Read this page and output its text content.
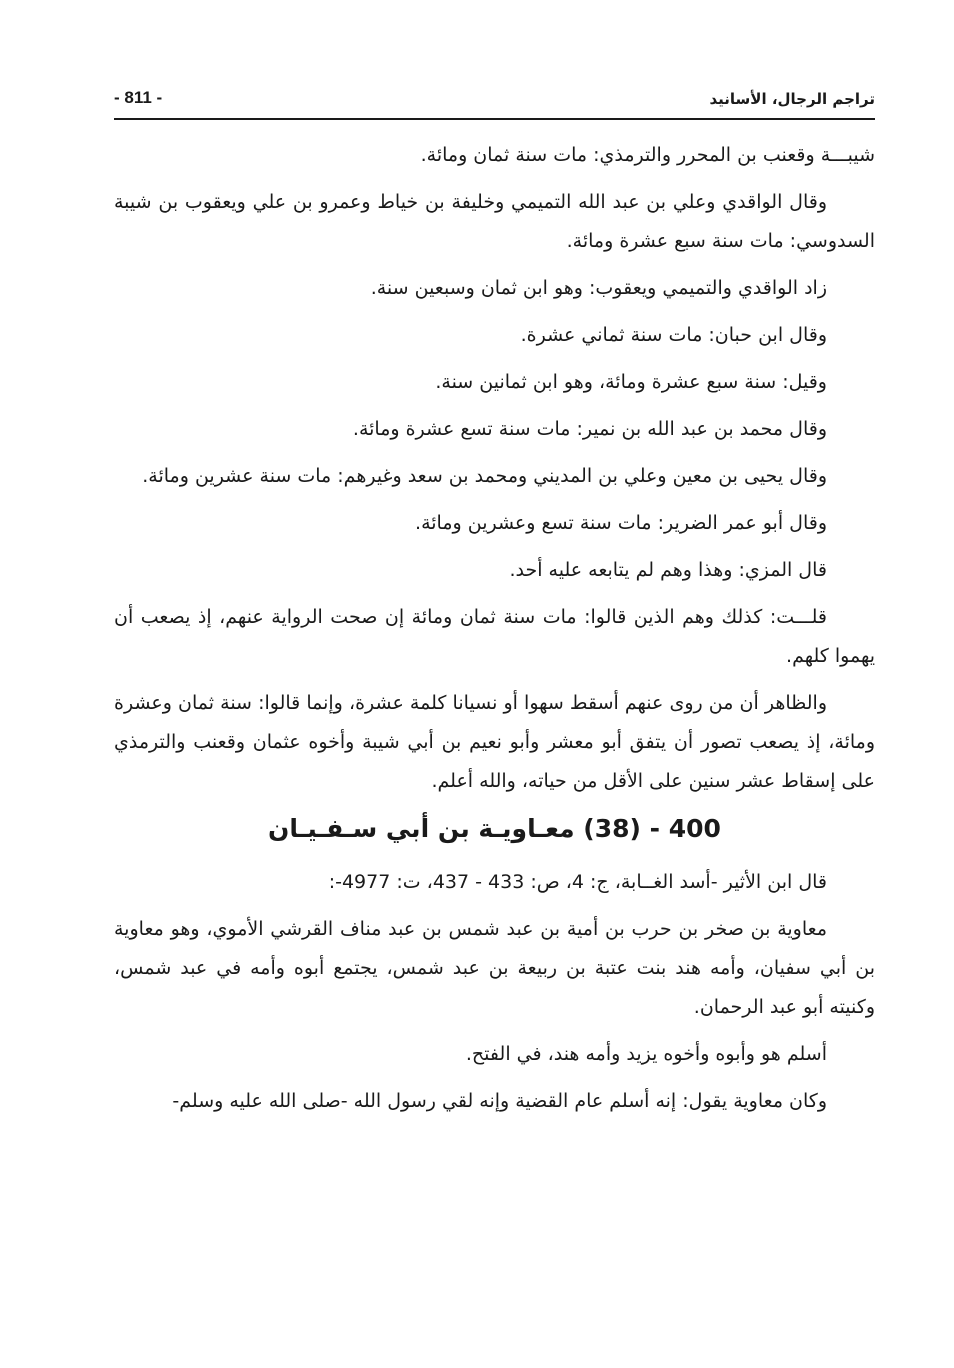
تراجم الرجال، الأسانيد
- 811 -

شيبـــة وقعنب بن المحرر والترمذي: مات سنة ثمان ومائة.

وقال الواقدي وعلي بن عبد الله التميمي وخليفة بن خياط وعمرو بن علي ويعقوب بن شيبة السدوسي: مات سنة سبع عشرة ومائة.

زاد الواقدي والتميمي ويعقوب: وهو ابن ثمان وسبعين سنة.

وقال ابن حبان: مات سنة ثماني عشرة.

وقيل: سنة سبع عشرة ومائة، وهو ابن ثمانين سنة.

وقال محمد بن عبد الله بن نمير: مات سنة تسع عشرة ومائة.

وقال يحيى بن معين وعلي بن المديني ومحمد بن سعد وغيرهم: مات سنة عشرين ومائة.

وقال أبو عمر الضرير: مات سنة تسع وعشرين ومائة.

قال المزي: وهذا وهم لم يتابعه عليه أحد.

قلـــت: كذلك وهم الذين قالوا: مات سنة ثمان ومائة إن صحت الرواية عنهم، إذ يصعب أن يهموا كلهم.

والظاهر أن من روى عنهم أسقط سهوا أو نسيانا كلمة عشرة، وإنما قالوا: سنة ثمان وعشرة ومائة، إذ يصعب تصور أن يتفق أبو معشر وأبو نعيم بن أبي شيبة وأخوه عثمان وقعنب والترمذي على إسقاط عشر سنين على الأقل من حياته، والله أعلم.

400 - (38) معـاويـة بن أبي سـفـيـان

قال ابن الأثير -أسد الغــابة، ج: 4، ص: 433 - 437، ت: 4977-:

معاوية بن صخر بن حرب بن أمية بن عبد شمس بن عبد مناف القرشي الأموي، وهو معاوية بن أبي سفيان، وأمه هند بنت عتبة بن ربيعة بن عبد شمس، يجتمع أبوه وأمه في عبد شمس، وكنيته أبو عبد الرحمان.

أسلم هو وأبوه وأخوه يزيد وأمه هند، في الفتح.

وكان معاوية يقول: إنه أسلم عام القضية وإنه لقي رسول الله -صلى الله عليه وسلم-
